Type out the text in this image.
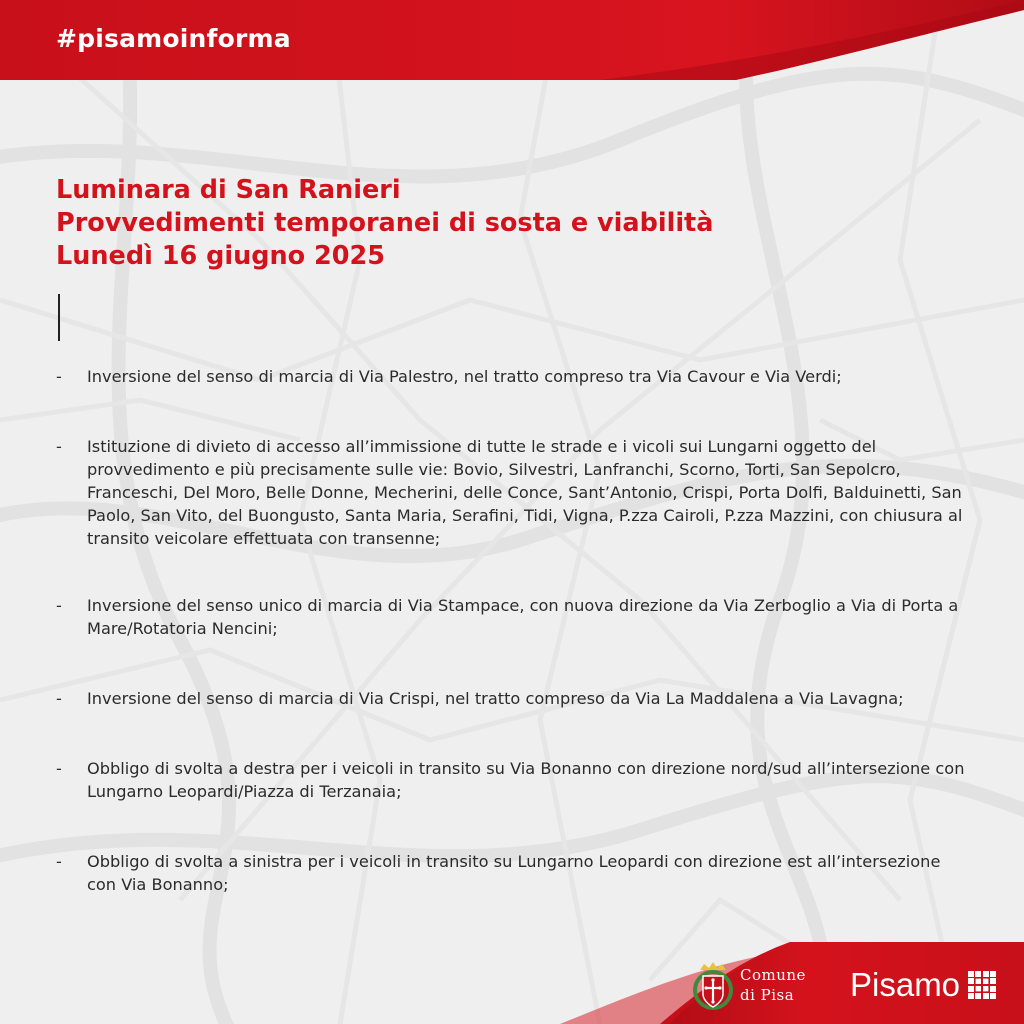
#pisamoinforma
Luminara di San Ranieri
Provvedimenti temporanei di sosta e viabilità
Lunedì 16 giugno 2025
- Inversione del senso di marcia di Via Palestro, nel tratto compreso tra Via Cavour e Via Verdi;
- Istituzione di divieto di accesso all’immissione di tutte le strade e i vicoli sui Lungarni oggetto del provvedimento e più precisamente sulle vie: Bovio, Silvestri, Lanfranchi, Scorno, Torti, San Sepolcro, Franceschi, Del Moro, Belle Donne, Mecherini, delle Conce, Sant’Antonio, Crispi, Porta Dolfi, Balduinetti, San Paolo, San Vito, del Buongusto, Santa Maria, Serafini, Tidi, Vigna, P.zza Cairoli, P.zza Mazzini, con chiusura al transito veicolare effettuata con transenne;
- Inversione del senso unico di marcia di Via Stampace, con nuova direzione da Via Zerboglio a Via di Porta a Mare/Rotatoria Nencini;
- Inversione del senso di marcia di Via Crispi, nel tratto compreso da Via La Maddalena a Via Lavagna;
- Obbligo di svolta a destra per i veicoli in transito su Via Bonanno con direzione nord/sud all’intersezione con Lungarno Leopardi/Piazza di Terzanaia;
- Obbligo di svolta a sinistra per i veicoli in transito su Lungarno Leopardi con direzione est all’intersezione con Via Bonanno;
Comune
di Pisa Pisamo
